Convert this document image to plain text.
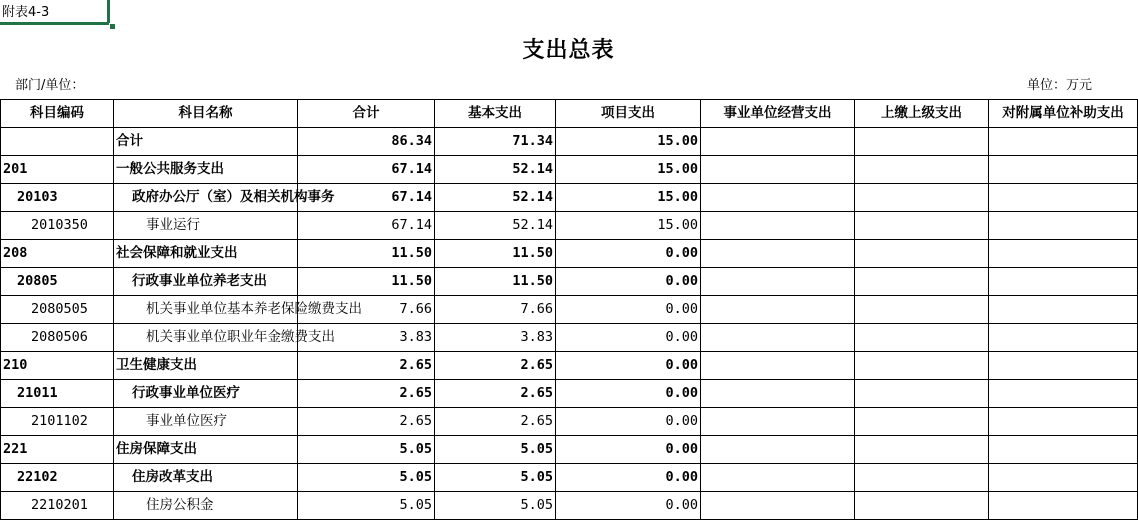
附表4-3
支出总表
部门/单位：	单位：万元
科目编码	科目名称	合计	基本支出	项目支出	事业单位经营支出	上缴上级支出	对附属单位补助支出
	合计	86.34	71.34	15.00			
201	一般公共服务支出	67.14	52.14	15.00			
20103	政府办公厅（室）及相关机构事务	67.14	52.14	15.00			
2010350	事业运行	67.14	52.14	15.00			
208	社会保障和就业支出	11.50	11.50	0.00			
20805	行政事业单位养老支出	11.50	11.50	0.00			
2080505	机关事业单位基本养老保险缴费支出	7.66	7.66	0.00			
2080506	机关事业单位职业年金缴费支出	3.83	3.83	0.00			
210	卫生健康支出	2.65	2.65	0.00			
21011	行政事业单位医疗	2.65	2.65	0.00			
2101102	事业单位医疗	2.65	2.65	0.00			
221	住房保障支出	5.05	5.05	0.00			
22102	住房改革支出	5.05	5.05	0.00			
2210201	住房公积金	5.05	5.05	0.00			
